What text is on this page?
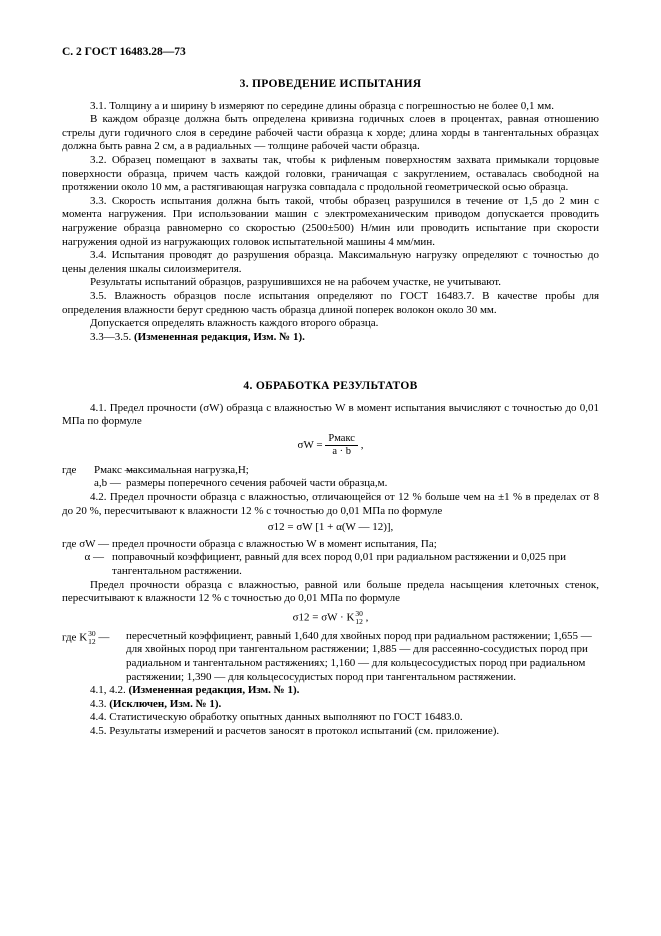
С. 2 ГОСТ 16483.28—73
3. ПРОВЕДЕНИЕ ИСПЫТАНИЯ

3.1. Толщину a и ширину b измеряют по середине длины образца с погрешностью не более 0,1 мм.

В каждом образце должна быть определена кривизна годичных слоев в процентах, равная отношению стрелы дуги годичного слоя в середине рабочей части образца к хорде; длина хорды в тангентальных образцах должна быть равна 2 см, а в радиальных — толщине рабочей части образца.

3.2. Образец помещают в захваты так, чтобы к рифленым поверхностям захвата примыкали торцовые поверхности образца, причем часть каждой головки, граничащая с закруглением, оставалась свободной на протяжении около 10 мм, а растягивающая нагрузка совпадала с продольной геометрической осью образца.

3.3. Скорость испытания должна быть такой, чтобы образец разрушился в течение от 1,5 до 2 мин с момента нагружения. При использовании машин с электромеханическим приводом допускается проводить нагружение образца равномерно со скоростью (2500±500) Н/мин или проводить испытание при скорости нагружения одной из нагружающих головок испытательной машины 4 мм/мин.

3.4. Испытания проводят до разрушения образца. Максимальную нагрузку определяют с точностью до цены деления шкалы силоизмерителя.

Результаты испытаний образцов, разрушившихся не на рабочем участке, не учитывают.

3.5. Влажность образцов после испытания определяют по ГОСТ 16483.7. В качестве пробы для определения влажности берут среднюю часть образца длиной поперек волокон около 30 мм.

Допускается определять влажность каждого второго образца.

3.3—3.5. (Измененная редакция, Изм. № 1).

4. ОБРАБОТКА РЕЗУЛЬТАТОВ

4.1. Предел прочности (σW) образца с влажностью W в момент испытания вычисляют с точностью до 0,01 МПа по формуле

$\sigma W = \frac{\text{Pмакс}}{a \cdot b}$ ,
где	Pмакс —
максимальная нагрузка,Н;
a,b — размеры поперечного сечения рабочей части образца,м.

4.2. Предел прочности образца с влажностью, отличающейся от 12 % больше чем на ±1 % в пределах от 8 до 20 %, пересчитывают к влажности 12 % с точностью до 0,01 МПа по формуле

σ12 = σW [1 + α(W — 12)],
где σW — предел прочности образца с влажностью W в момент испытания, Па;
α — поправочный коэффициент, равный для всех пород 0,01 при радиальном растяжении и 0,025 при тангентальном растяжении.

Предел прочности образца с влажностью, равной или больше предела насыщения клеточных стенок, пересчитывают к влажности 12 % с точностью до 0,01 МПа по формуле

σ12 = σW · K 30
12 ,
где K 30
12 —	пересчетный коэффициент, равный 1,640 для хвойных пород при радиальном растяжении; 1,655 — для хвойных пород при тангентальном растяжении; 1,885 — для рассеянно-сосудистых пород при радиальном и тангентальном растяжениях; 1,160 — для кольцесосудистых пород при радиальном растяжении; 1,390 — для кольцесосудистых пород при тангентальном растяжении.

4.1, 4.2. (Измененная редакция, Изм. № 1).

4.3. (Исключен, Изм. № 1).

4.4. Статистическую обработку опытных данных выполняют по ГОСТ 16483.0.

4.5. Результаты измерений и расчетов заносят в протокол испытаний (см. приложение).
